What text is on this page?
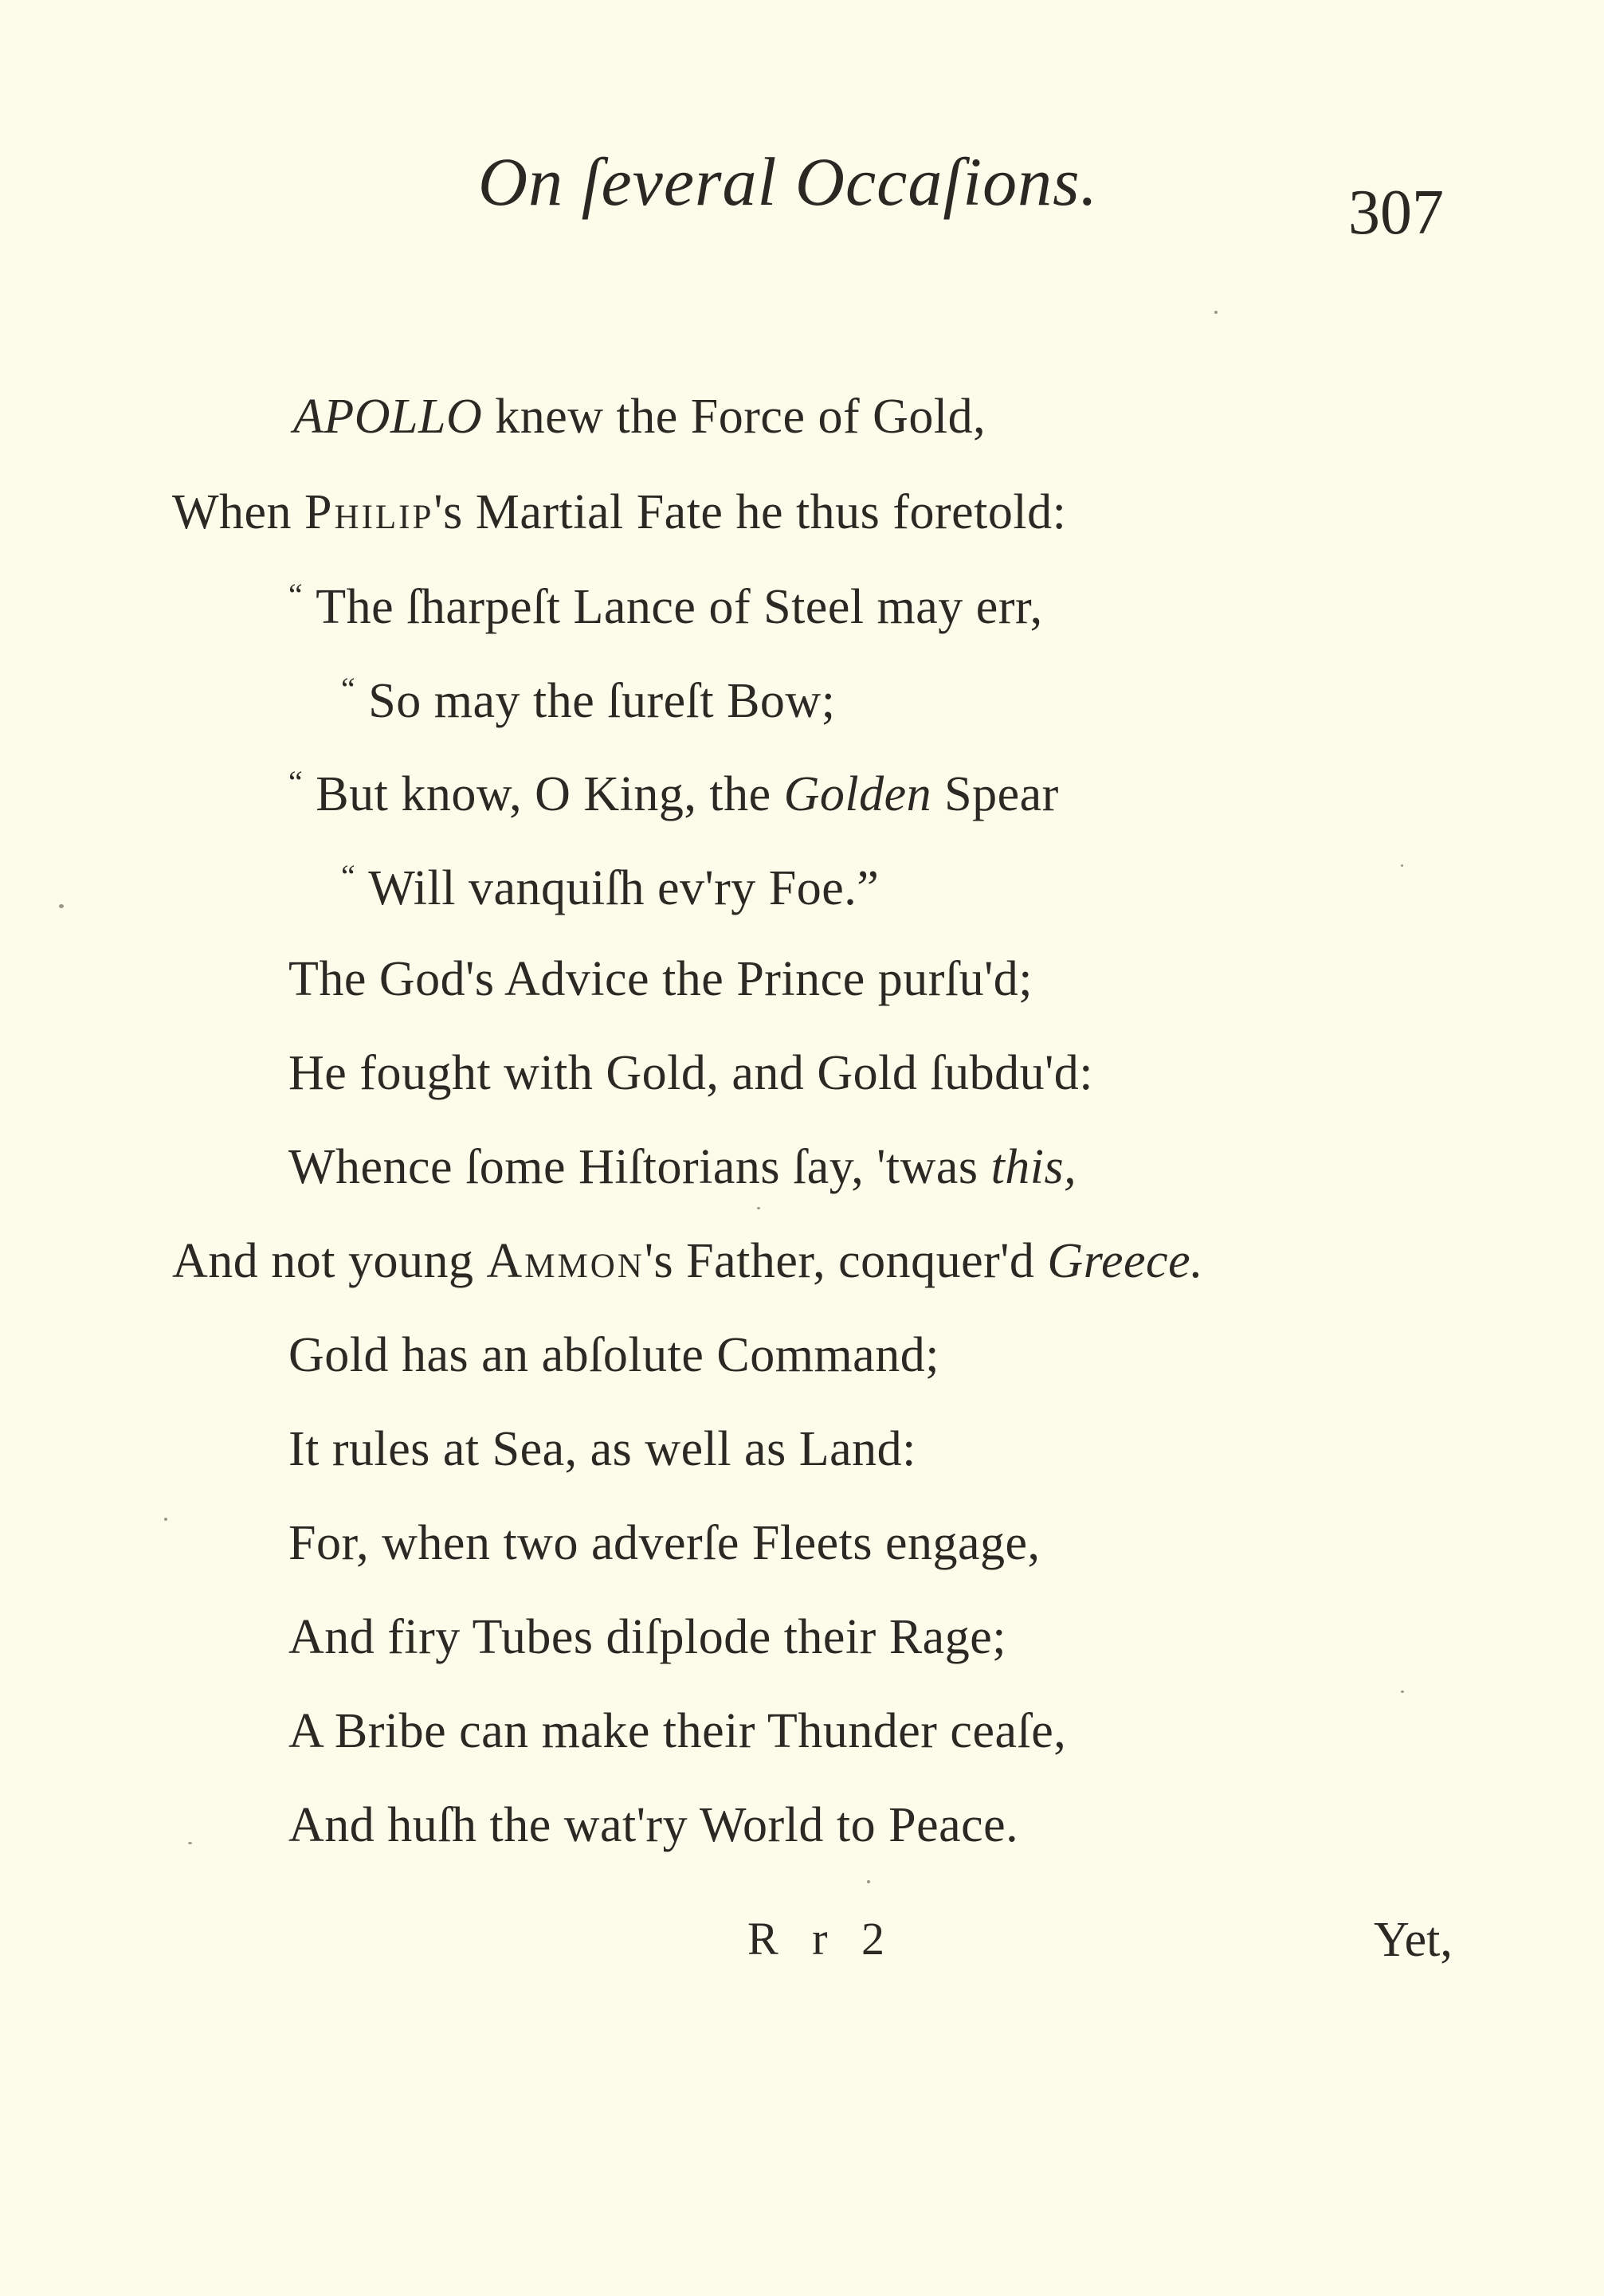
On ſeveral Occaſions.	307
APOLLO knew the Force of Gold,
When Philip's Martial Fate he thus foretold:
“ The ſharpeſt Lance of Steel may err,
“ So may the ſureſt Bow;
“ But know, O King, the Golden Spear
“ Will vanquiſh ev'ry Foe.”
The God's Advice the Prince purſu'd;
He fought with Gold, and Gold ſubdu'd:
Whence ſome Hiſtorians ſay, 'twas this,
And not young Ammon's Father, conquer'd Greece.
Gold has an abſolute Command;
It rules at Sea, as well as Land:
For, when two adverſe Fleets engage,
And firy Tubes diſplode their Rage;
A Bribe can make their Thunder ceaſe,
And huſh the wat'ry World to Peace.
R r 2	Yet,
